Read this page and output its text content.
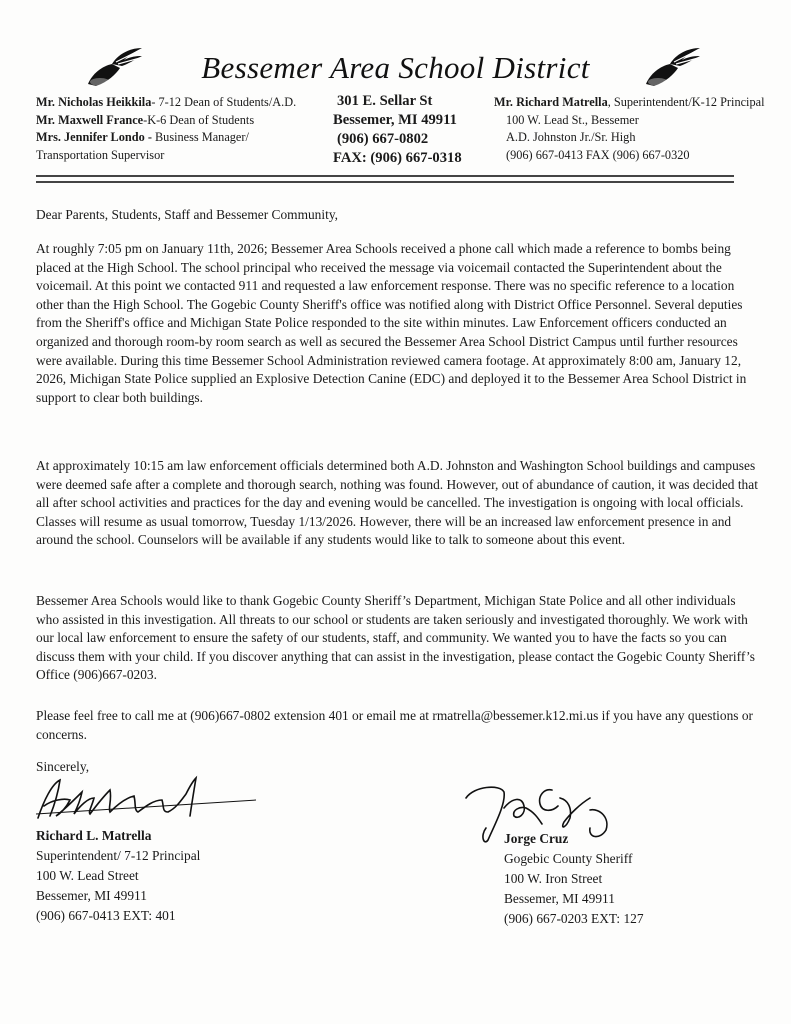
Bessemer Area School District
Mr. Nicholas Heikkila- 7-12 Dean of Students/A.D.
Mr. Maxwell France-K-6 Dean of Students
Mrs. Jennifer Londo - Business Manager/
Transportation Supervisor
301 E. Sellar St
Bessemer, MI 49911
(906) 667-0802
FAX: (906) 667-0318
Mr. Richard Matrella, Superintendent/K-12 Principal
100 W. Lead St., Bessemer
A.D. Johnston Jr./Sr. High
(906) 667-0413 FAX (906) 667-0320
Dear Parents, Students, Staff and Bessemer Community,

At roughly 7:05 pm on January 11th, 2026; Bessemer Area Schools received a phone call which made a reference to bombs being placed at the High School. The school principal who received the message via voicemail contacted the Superintendent about the voicemail. At this point we contacted 911 and requested a law enforcement response. There was no specific reference to a location other than the High School. The Gogebic County Sheriff's office was notified along with District Office Personnel. Several deputies from the Sheriff's office and Michigan State Police responded to the site within minutes. Law Enforcement officers conducted an organized and thorough room-by room search as well as secured the Bessemer Area School District Campus until further resources were available. During this time Bessemer School Administration reviewed camera footage. At approximately 8:00 am, January 12, 2026, Michigan State Police supplied an Explosive Detection Canine (EDC) and deployed it to the Bessemer Area School District in support to clear both buildings.

At approximately 10:15 am law enforcement officials determined both A.D. Johnston and Washington School buildings and campuses were deemed safe after a complete and thorough search, nothing was found. However, out of abundance of caution, it was decided that all after school activities and practices for the day and evening would be cancelled. The investigation is ongoing with local officials. Classes will resume as usual tomorrow, Tuesday 1/13/2026. However, there will be an increased law enforcement presence in and around the school. Counselors will be available if any students would like to talk to someone about this event.

Bessemer Area Schools would like to thank Gogebic County Sheriff’s Department, Michigan State Police and all other individuals who assisted in this investigation. All threats to our school or students are taken seriously and investigated thoroughly. We work with our local law enforcement to ensure the safety of our students, staff, and community. We wanted you to have the facts so you can discuss them with your child. If you discover anything that can assist in the investigation, please contact the Gogebic County Sheriff’s Office (906)667-0203.

Please feel free to call me at (906)667-0802 extension 401 or email me at rmatrella@bessemer.k12.mi.us if you have any questions or concerns.

Sincerely,
Richard L. Matrella
Superintendent/ 7-12 Principal
100 W. Lead Street
Bessemer, MI 49911
(906) 667-0413 EXT: 401
Jorge Cruz
Gogebic County Sheriff
100 W. Iron Street
Bessemer, MI 49911
(906) 667-0203 EXT: 127
